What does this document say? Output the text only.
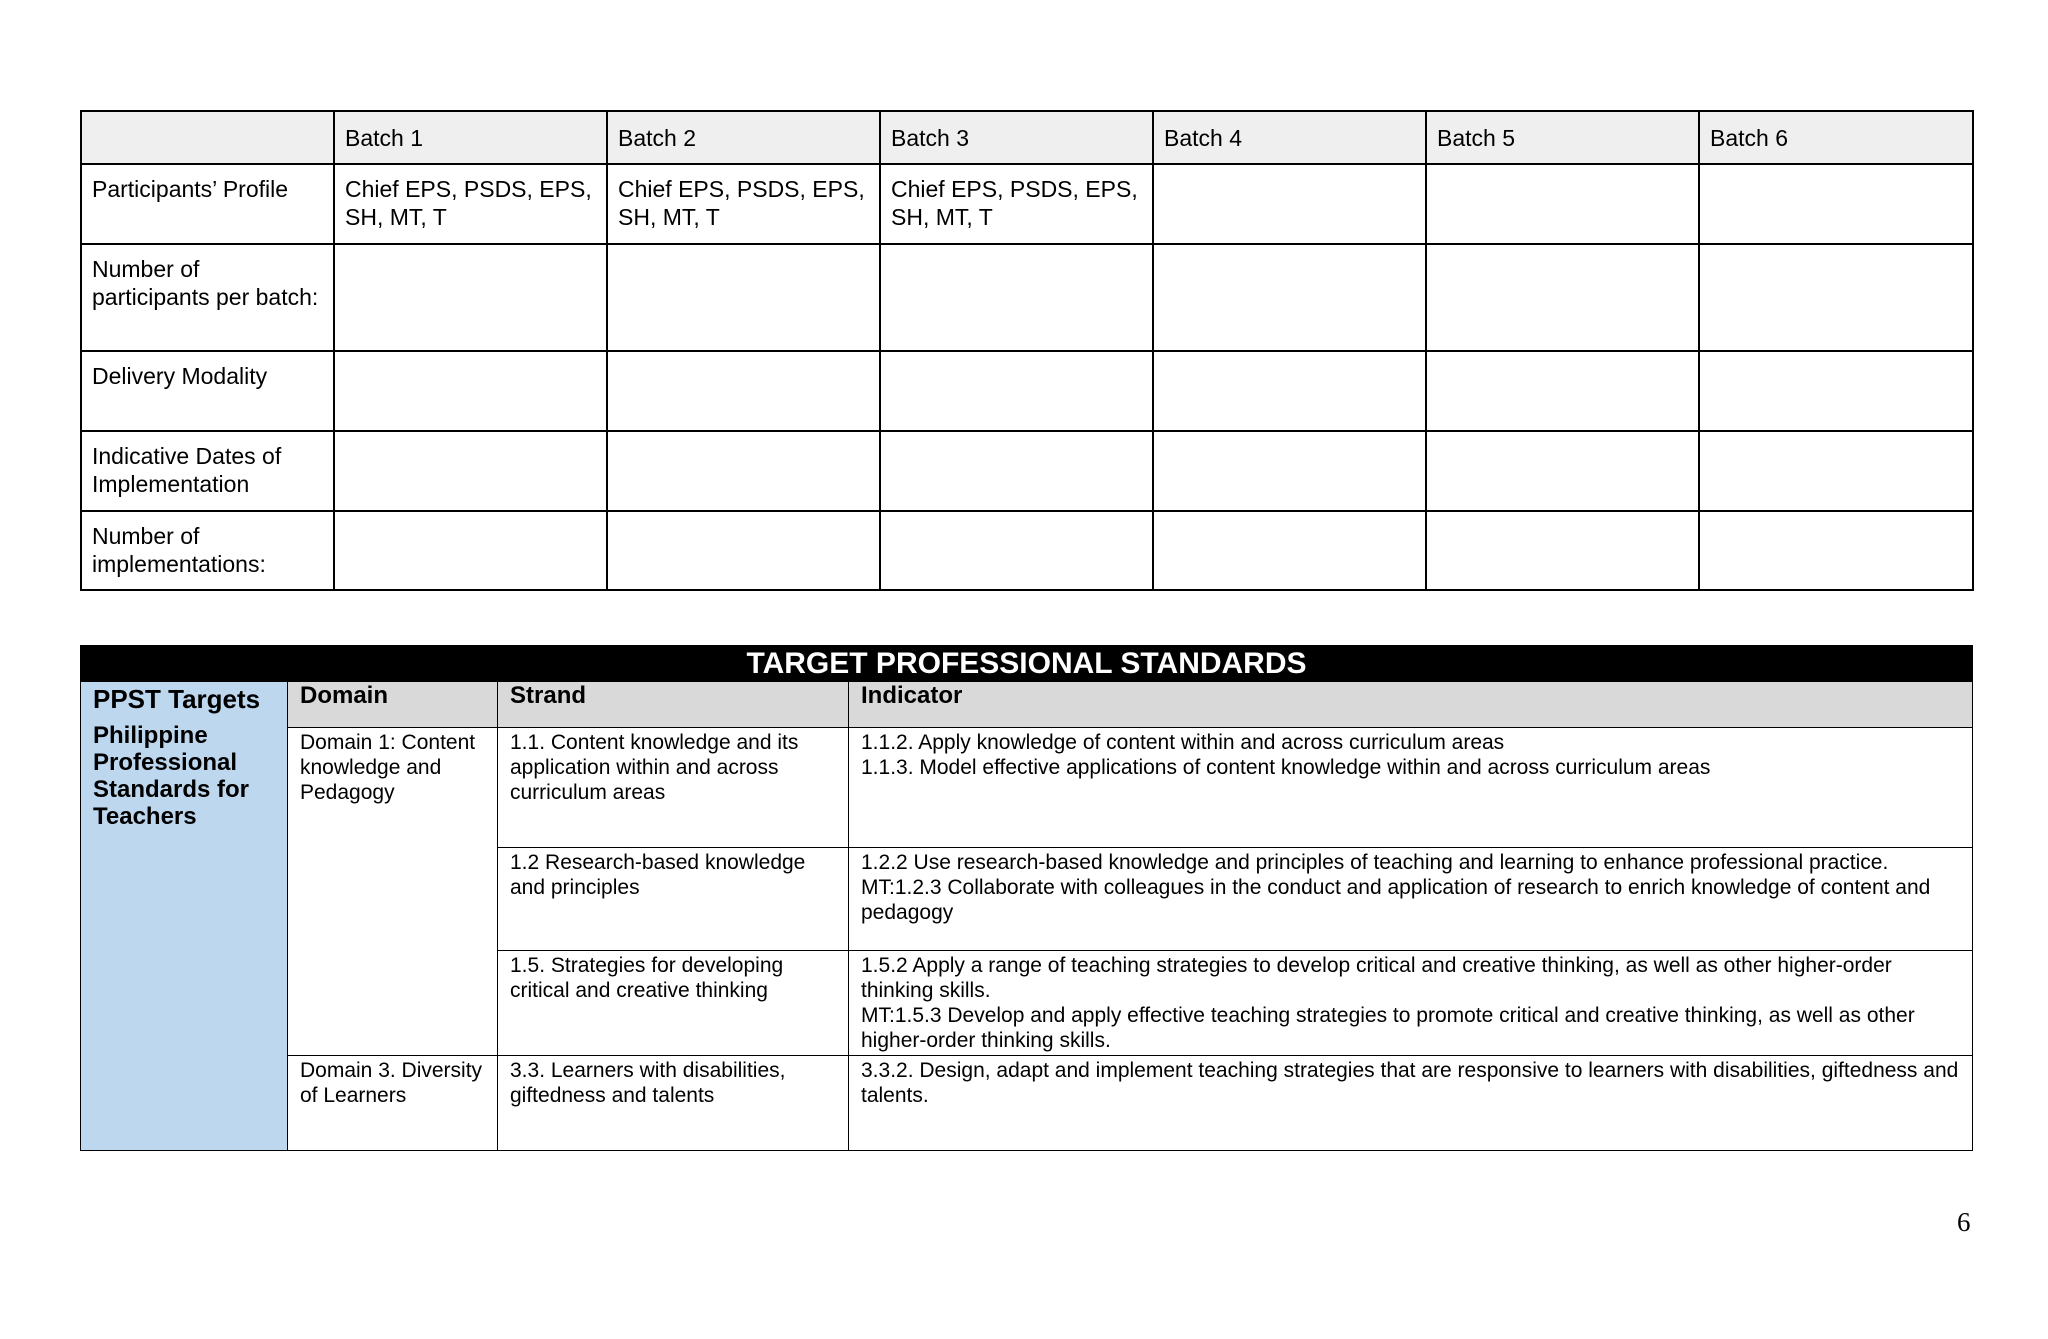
	Batch 1	Batch 2	Batch 3	Batch 4	Batch 5	Batch 6
Participants’ Profile	Chief EPS, PSDS, EPS, SH, MT, T	Chief EPS, PSDS, EPS, SH, MT, T	Chief EPS, PSDS, EPS, SH, MT, T			
Number of participants per batch:						
Delivery Modality						
Indicative Dates of Implementation						
Number of implementations:						
TARGET PROFESSIONAL STANDARDS			

PPST Targets
Philippine Professional Standards for Teachers	Domain	Strand	Indicator
	Domain 1: Content knowledge and Pedagogy	1.1. Content knowledge and its application within and across curriculum areas	1.1.2. Apply knowledge of content within and across curriculum areas
1.1.3. Model effective applications of content knowledge within and across curriculum areas

		1.2 Research-based knowledge and principles	1.2.2 Use research-based knowledge and principles of teaching and learning to enhance professional practice.
MT:1.2.3 Collaborate with colleagues in the conduct and application of research to enrich knowledge of content and pedagogy

		1.5. Strategies for developing critical and creative thinking	1.5.2 Apply a range of teaching strategies to develop critical and creative thinking, as well as other higher-order thinking skills.
MT:1.5.3 Develop and apply effective teaching strategies to promote critical and creative thinking, as well as other higher-order thinking skills.

	Domain 3. Diversity of Learners	3.3. Learners with disabilities, giftedness and talents	3.3.2. Design, adapt and implement teaching strategies that are responsive to learners with disabilities, giftedness and talents.
6
